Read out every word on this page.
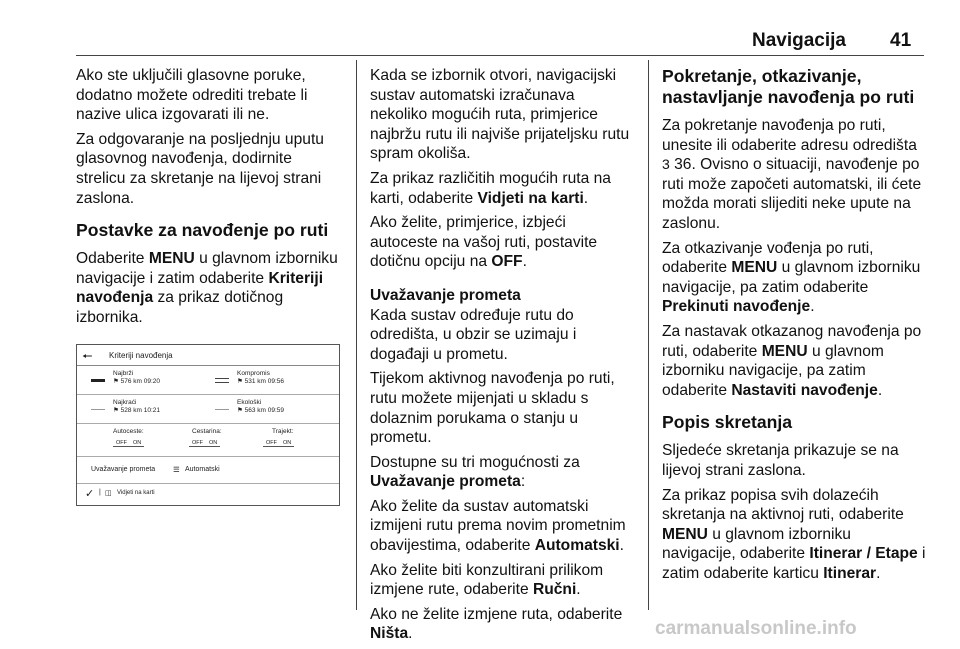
Navigacija 41

Ako ste uključili glasovne poruke, dodatno možete odrediti trebate li nazive ulica izgovarati ili ne.

Za odgovaranje na posljednju uputu glasovnog navođenja, dodirnite strelicu za skretanje na lijevoj strani zaslona.

Postavke za navođenje po ruti

Odaberite MENU u glavnom izborniku navigacije i zatim odaberite Kriteriji navođenja za prikaz dotičnog izbornika.

🠔 Kriteriji navođenja
Najbrži
⚑ 576 km 09:20
Kompromis
⚑ 531 km 09:56
Najkraći
⚑ 528 km 10:21
Ekološki
⚑ 563 km 09:59
Autoceste:
OFF ON
Cestarina:
OFF ON
Trajekt:
OFF ON
Uvažavanje prometa ☰ Automatski
✓ | ◫ Vidjeti na karti

Kada se izbornik otvori, navigacijski sustav automatski izračunava nekoliko mogućih ruta, primjerice najbržu rutu ili najviše prijateljsku rutu spram okoliša.

Za prikaz različitih mogućih ruta na karti, odaberite Vidjeti na karti.

Ako želite, primjerice, izbjeći autoceste na vašoj ruti, postavite dotičnu opciju na OFF.

Uvažavanje prometa

Kada sustav određuje rutu do odredišta, u obzir se uzimaju i događaji u prometu.

Tijekom aktivnog navođenja po ruti, rutu možete mijenjati u skladu s dolaznim porukama o stanju u prometu.

Dostupne su tri mogućnosti za Uvažavanje prometa:

Ako želite da sustav automatski izmijeni rutu prema novim prometnim obavijestima, odaberite Automatski.

Ako želite biti konzultirani prilikom izmjene rute, odaberite Ručni.

Ako ne želite izmjene ruta, odaberite Ništa.

Pokretanje, otkazivanje, nastavljanje navođenja po ruti

Za pokretanje navođenja po ruti, unesite ili odaberite adresu odredišta 3 36. Ovisno o situaciji, navođenje po ruti može započeti automatski, ili ćete možda morati slijediti neke upute na zaslonu.

Za otkazivanje vođenja po ruti, odaberite MENU u glavnom izborniku navigacije, pa zatim odaberite Prekinuti navođenje.

Za nastavak otkazanog navođenja po ruti, odaberite MENU u glavnom izborniku navigacije, pa zatim odaberite Nastaviti navođenje.

Popis skretanja

Sljedeće skretanja prikazuje se na lijevoj strani zaslona.

Za prikaz popisa svih dolazećih skretanja na aktivnoj ruti, odaberite MENU u glavnom izborniku navigacije, odaberite Itinerar / Etape i zatim odaberite karticu Itinerar.

carmanualsonline.info
